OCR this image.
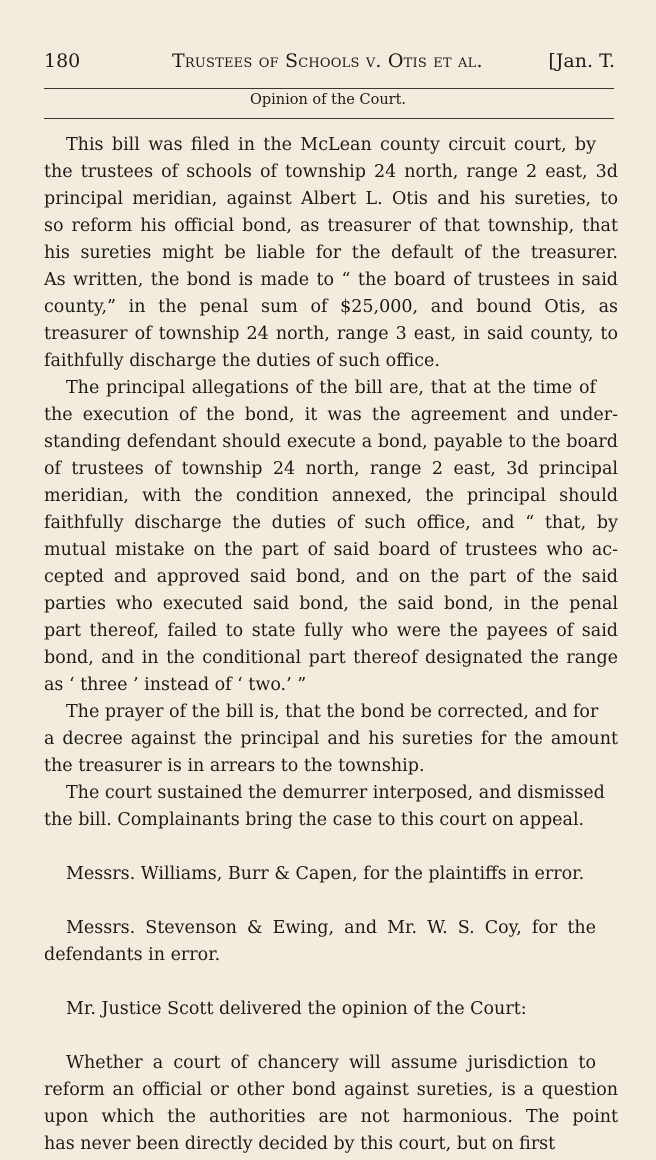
180	Trustees of Schools v. Otis et al.	[Jan. T.
Opinion of the Court.

This bill was filed in the McLean county circuit court, by
the trustees of schools of township 24 north, range 2 east, 3d
principal meridian, against Albert L. Otis and his sureties, to
so reform his official bond, as treasurer of that township, that
his sureties might be liable for the default of the treasurer.
As written, the bond is made to “ the board of trustees in said
county,” in the penal sum of $25,000, and bound Otis, as
treasurer of township 24 north, range 3 east, in said county, to
faithfully discharge the duties of such office.

The principal allegations of the bill are, that at the time of
the execution of the bond, it was the agreement and under-
standing defendant should execute a bond, payable to the board
of trustees of township 24 north, range 2 east, 3d principal
meridian, with the condition annexed, the principal should
faithfully discharge the duties of such office, and “ that, by
mutual mistake on the part of said board of trustees who ac-
cepted and approved said bond, and on the part of the said
parties who executed said bond, the said bond, in the penal
part thereof, failed to state fully who were the payees of said
bond, and in the conditional part thereof designated the range
as ‘ three ’ instead of ‘ two.’ ”

The prayer of the bill is, that the bond be corrected, and for
a decree against the principal and his sureties for the amount
the treasurer is in arrears to the township.

The court sustained the demurrer interposed, and dismissed
the bill. Complainants bring the case to this court on appeal.

Messrs. Williams, Burr & Capen, for the plaintiffs in error.

Messrs. Stevenson & Ewing, and Mr. W. S. Coy, for the
defendants in error.

Mr. Justice Scott delivered the opinion of the Court:

Whether a court of chancery will assume jurisdiction to
reform an official or other bond against sureties, is a question
upon which the authorities are not harmonious. The point
has never been directly decided by this court, but on first
